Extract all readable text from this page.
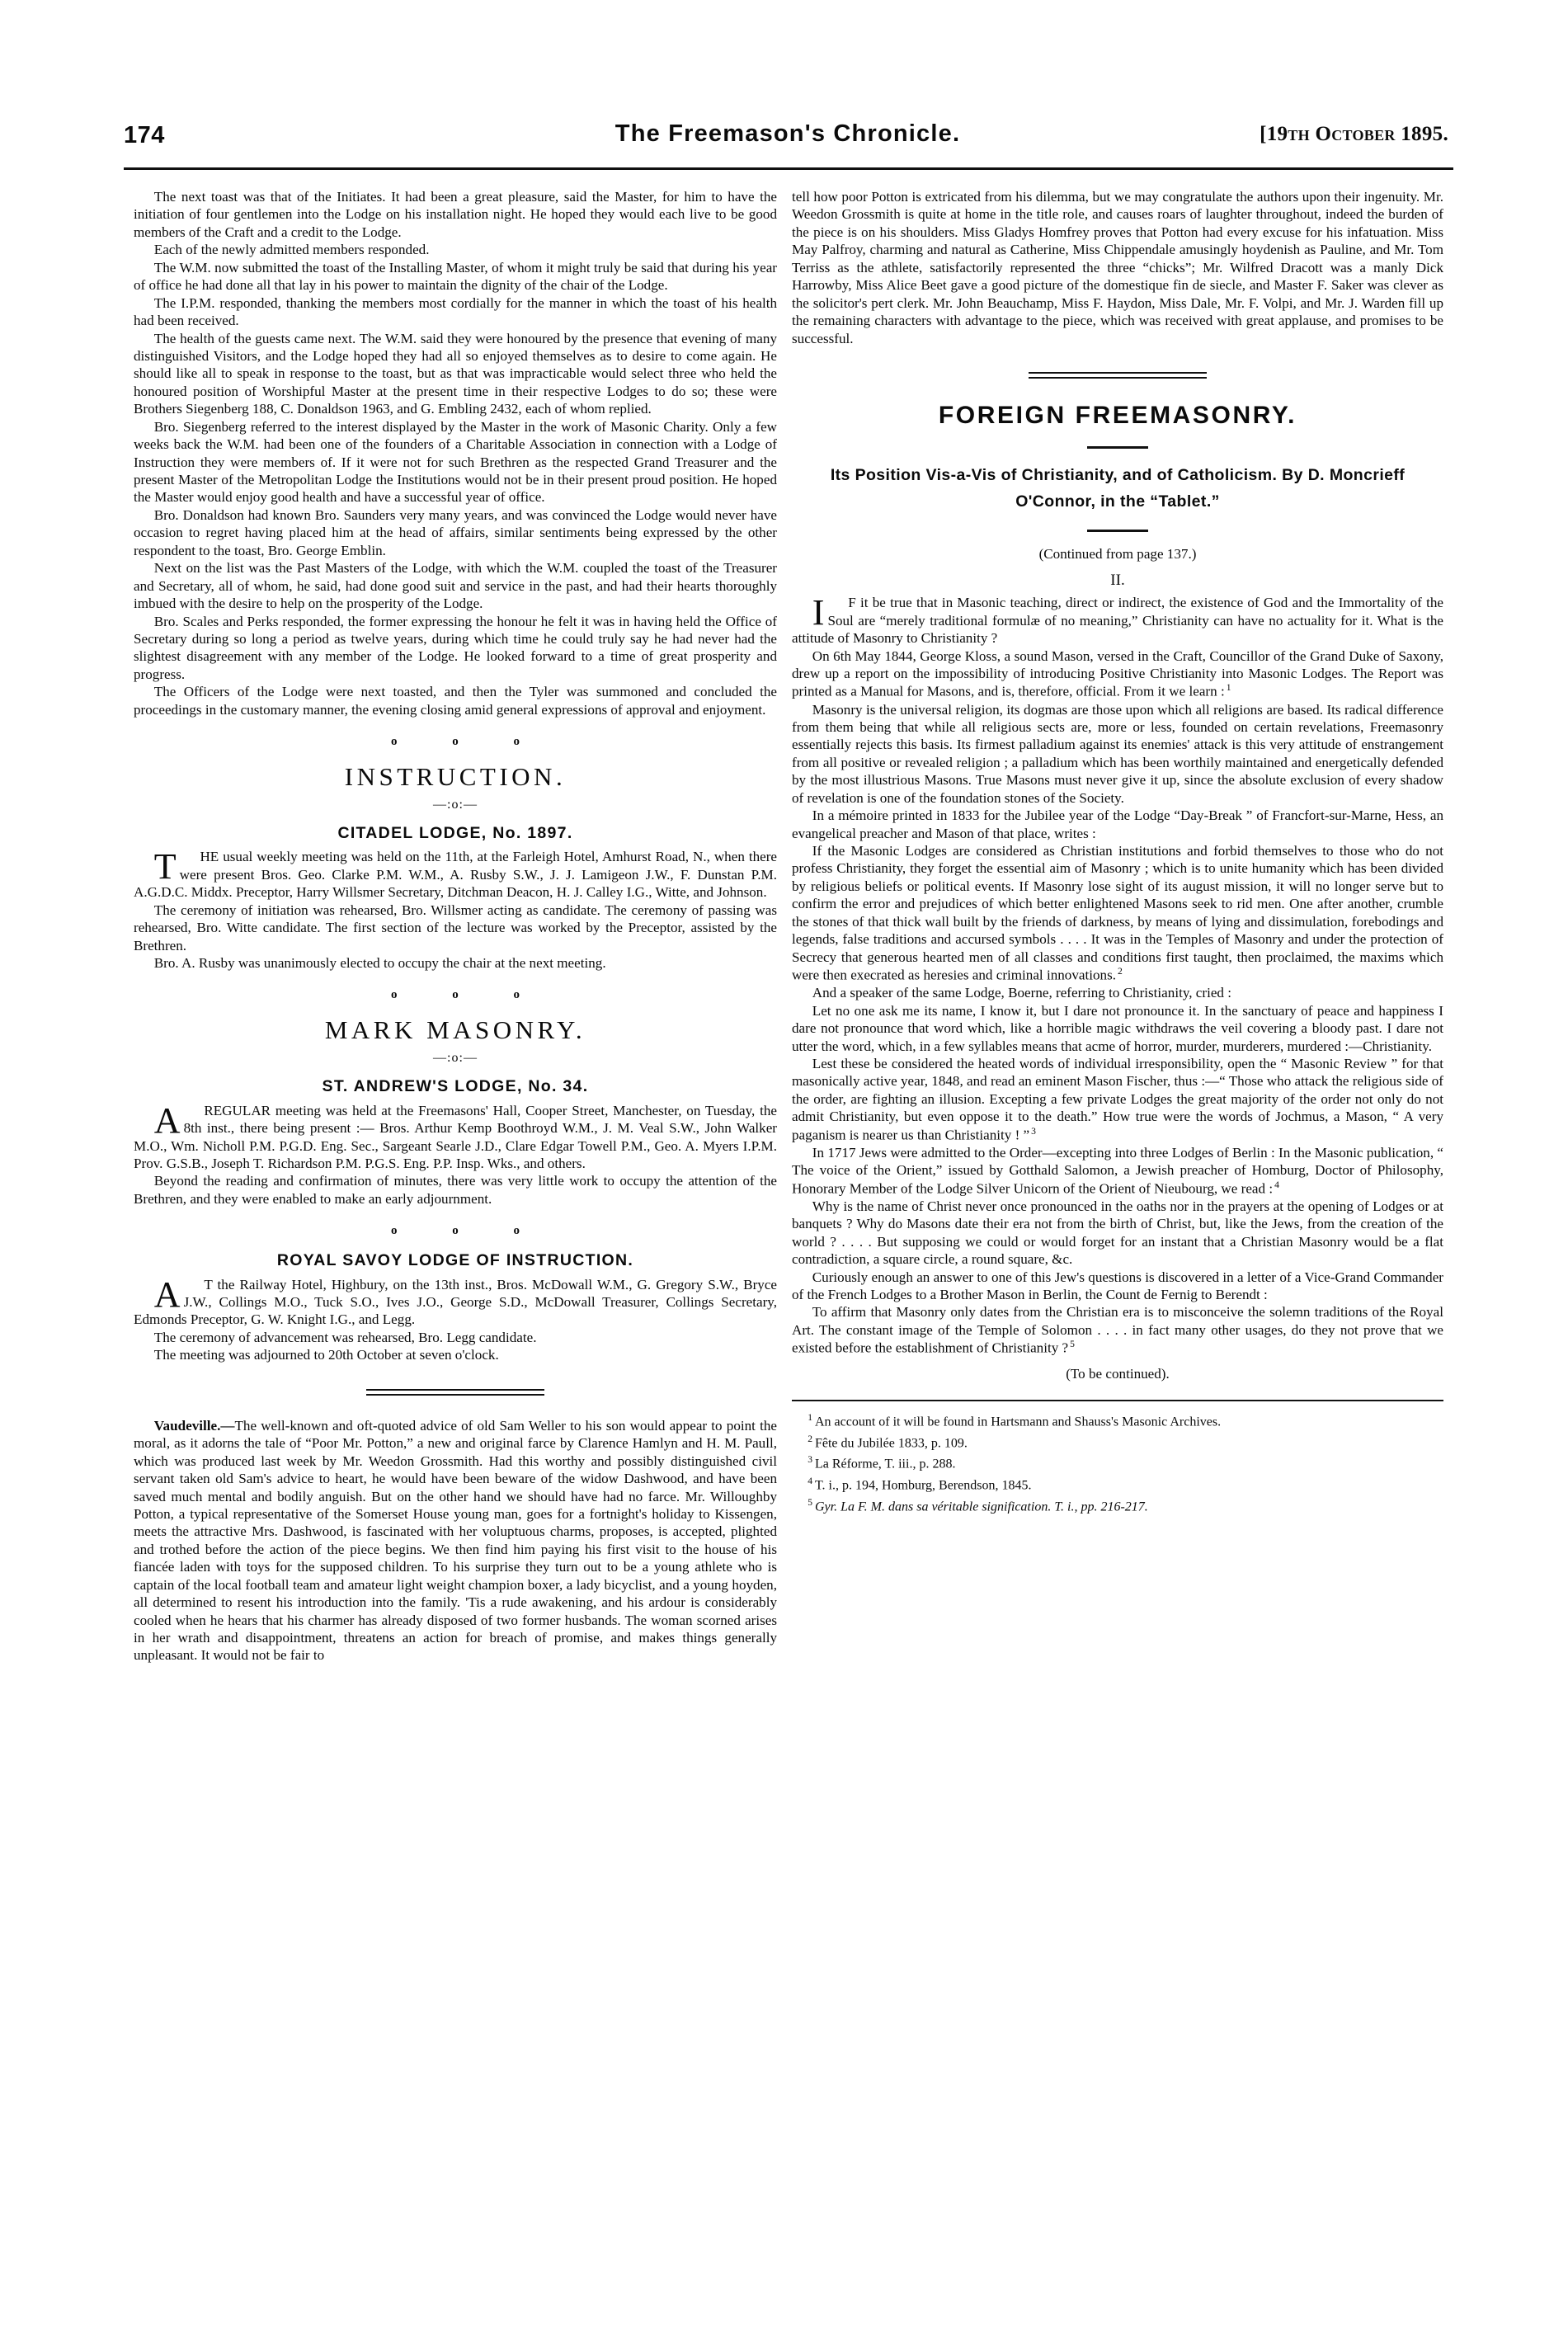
174	The Freemason's Chronicle.	[19th October 1895.

The next toast was that of the Initiates. It had been a great pleasure, said the Master, for him to have the initiation of four gentlemen into the Lodge on his installation night. He hoped they would each live to be good members of the Craft and a credit to the Lodge.

Each of the newly admitted members responded.

The W.M. now submitted the toast of the Installing Master, of whom it might truly be said that during his year of office he had done all that lay in his power to maintain the dignity of the chair of the Lodge.

The I.P.M. responded, thanking the members most cordially for the manner in which the toast of his health had been received.

The health of the guests came next. The W.M. said they were honoured by the presence that evening of many distinguished Visitors, and the Lodge hoped they had all so enjoyed themselves as to desire to come again. He should like all to speak in response to the toast, but as that was impracticable would select three who held the honoured position of Worshipful Master at the present time in their respective Lodges to do so; these were Brothers Siegenberg 188, C. Donaldson 1963, and G. Embling 2432, each of whom replied.

Bro. Siegenberg referred to the interest displayed by the Master in the work of Masonic Charity. Only a few weeks back the W.M. had been one of the founders of a Charitable Association in connection with a Lodge of Instruction they were members of. If it were not for such Brethren as the respected Grand Treasurer and the present Master of the Metropolitan Lodge the Institutions would not be in their present proud position. He hoped the Master would enjoy good health and have a successful year of office.

Bro. Donaldson had known Bro. Saunders very many years, and was convinced the Lodge would never have occasion to regret having placed him at the head of affairs, similar sentiments being expressed by the other respondent to the toast, Bro. George Emblin.

Next on the list was the Past Masters of the Lodge, with which the W.M. coupled the toast of the Treasurer and Secretary, all of whom, he said, had done good suit and service in the past, and had their hearts thoroughly imbued with the desire to help on the prosperity of the Lodge.

Bro. Scales and Perks responded, the former expressing the honour he felt it was in having held the Office of Secretary during so long a period as twelve years, during which time he could truly say he had never had the slightest disagreement with any member of the Lodge. He looked forward to a time of great prosperity and progress.

The Officers of the Lodge were next toasted, and then the Tyler was summoned and concluded the proceedings in the customary manner, the evening closing amid general expressions of approval and enjoyment.

o o o
INSTRUCTION.
—:o:—
CITADEL LODGE, No. 1897.

T HE usual weekly meeting was held on the 11th, at the Farleigh Hotel, Amhurst Road, N., when there were present Bros. Geo. Clarke P.M. W.M., A. Rusby S.W., J. J. Lamigeon J.W., F. Dunstan P.M. A.G.D.C. Middx. Preceptor, Harry Willsmer Secretary, Ditchman Deacon, H. J. Calley I.G., Witte, and Johnson.

The ceremony of initiation was rehearsed, Bro. Willsmer acting as candidate. The ceremony of passing was rehearsed, Bro. Witte candidate. The first section of the lecture was worked by the Preceptor, assisted by the Brethren.

Bro. A. Rusby was unanimously elected to occupy the chair at the next meeting.

o o o
MARK MASONRY.
—:o:—
ST. ANDREW'S LODGE, No. 34.

A REGULAR meeting was held at the Freemasons' Hall, Cooper Street, Manchester, on Tuesday, the 8th inst., there being present :— Bros. Arthur Kemp Boothroyd W.M., J. M. Veal S.W., John Walker M.O., Wm. Nicholl P.M. P.G.D. Eng. Sec., Sargeant Searle J.D., Clare Edgar Towell P.M., Geo. A. Myers I.P.M. Prov. G.S.B., Joseph T. Richardson P.M. P.G.S. Eng. P.P. Insp. Wks., and others.

Beyond the reading and confirmation of minutes, there was very little work to occupy the attention of the Brethren, and they were enabled to make an early adjournment.

o o o
ROYAL SAVOY LODGE OF INSTRUCTION.

A T the Railway Hotel, Highbury, on the 13th inst., Bros. McDowall W.M., G. Gregory S.W., Bryce J.W., Collings M.O., Tuck S.O., Ives J.O., George S.D., McDowall Treasurer, Collings Secretary, Edmonds Preceptor, G. W. Knight I.G., and Legg.

The ceremony of advancement was rehearsed, Bro. Legg candidate.

The meeting was adjourned to 20th October at seven o'clock.

Vaudeville.—The well-known and oft-quoted advice of old Sam Weller to his son would appear to point the moral, as it adorns the tale of “Poor Mr. Potton,” a new and original farce by Clarence Hamlyn and H. M. Paull, which was produced last week by Mr. Weedon Grossmith. Had this worthy and possibly distinguished civil servant taken old Sam's advice to heart, he would have been beware of the widow Dashwood, and have been saved much mental and bodily anguish. But on the other hand we should have had no farce. Mr. Willoughby Potton, a typical representative of the Somerset House young man, goes for a fortnight's holiday to Kissengen, meets the attractive Mrs. Dashwood, is fascinated with her voluptuous charms, proposes, is accepted, plighted and trothed before the action of the piece begins. We then find him paying his first visit to the house of his fiancée laden with toys for the supposed children. To his surprise they turn out to be a young athlete who is captain of the local football team and amateur light weight champion boxer, a lady bicyclist, and a young hoyden, all determined to resent his introduction into the family. 'Tis a rude awakening, and his ardour is considerably cooled when he hears that his charmer has already disposed of two former husbands. The woman scorned arises in her wrath and disappointment, threatens an action for breach of promise, and makes things generally unpleasant. It would not be fair to

tell how poor Potton is extricated from his dilemma, but we may congratulate the authors upon their ingenuity. Mr. Weedon Grossmith is quite at home in the title role, and causes roars of laughter throughout, indeed the burden of the piece is on his shoulders. Miss Gladys Homfrey proves that Potton had every excuse for his infatuation. Miss May Palfroy, charming and natural as Catherine, Miss Chippendale amusingly hoydenish as Pauline, and Mr. Tom Terriss as the athlete, satisfactorily represented the three “chicks”; Mr. Wilfred Dracott was a manly Dick Harrowby, Miss Alice Beet gave a good picture of the domestique fin de siecle, and Master F. Saker was clever as the solicitor's pert clerk. Mr. John Beauchamp, Miss F. Haydon, Miss Dale, Mr. F. Volpi, and Mr. J. Warden fill up the remaining characters with advantage to the piece, which was received with great applause, and promises to be successful.

FOREIGN FREEMASONRY.
Its Position Vis-a-Vis of Christianity, and of Catholicism. By D. Moncrieff O'Connor, in the “Tablet.”
(Continued from page 137.)
II.

I F it be true that in Masonic teaching, direct or indirect, the existence of God and the Immortality of the Soul are “merely traditional formulæ of no meaning,” Christianity can have no actuality for it. What is the attitude of Masonry to Christianity ?

On 6th May 1844, George Kloss, a sound Mason, versed in the Craft, Councillor of the Grand Duke of Saxony, drew up a report on the impossibility of introducing Positive Christianity into Masonic Lodges. The Report was printed as a Manual for Masons, and is, therefore, official. From it we learn : $^1$

Masonry is the universal religion, its dogmas are those upon which all religions are based. Its radical difference from them being that while all religious sects are, more or less, founded on certain revelations, Freemasonry essentially rejects this basis. Its firmest palladium against its enemies' attack is this very attitude of enstrangement from all positive or revealed religion ; a palladium which has been worthily maintained and energetically defended by the most illustrious Masons. True Masons must never give it up, since the absolute exclusion of every shadow of revelation is one of the foundation stones of the Society.

In a mémoire printed in 1833 for the Jubilee year of the Lodge “Day-Break ” of Francfort-sur-Marne, Hess, an evangelical preacher and Mason of that place, writes :

If the Masonic Lodges are considered as Christian institutions and forbid themselves to those who do not profess Christianity, they forget the essential aim of Masonry ; which is to unite humanity which has been divided by religious beliefs or political events. If Masonry lose sight of its august mission, it will no longer serve but to confirm the error and prejudices of which better enlightened Masons seek to rid men. One after another, crumble the stones of that thick wall built by the friends of darkness, by means of lying and dissimulation, forebodings and legends, false traditions and accursed symbols . . . . It was in the Temples of Masonry and under the protection of Secrecy that generous hearted men of all classes and conditions first taught, then proclaimed, the maxims which were then execrated as heresies and criminal innovations. $^2$

And a speaker of the same Lodge, Boerne, referring to Christianity, cried :

Let no one ask me its name, I know it, but I dare not pronounce it. In the sanctuary of peace and happiness I dare not pronounce that word which, like a horrible magic withdraws the veil covering a bloody past. I dare not utter the word, which, in a few syllables means that acme of horror, murder, murderers, murdered :—Christianity.

Lest these be considered the heated words of individual irresponsibility, open the “ Masonic Review ” for that masonically active year, 1848, and read an eminent Mason Fischer, thus :—“ Those who attack the religious side of the order, are fighting an illusion. Excepting a few private Lodges the great majority of the order not only do not admit Christianity, but even oppose it to the death.” How true were the words of Jochmus, a Mason, “ A very paganism is nearer us than Christianity ! ” $^3$

In 1717 Jews were admitted to the Order—excepting into three Lodges of Berlin : In the Masonic publication, “ The voice of the Orient,” issued by Gotthald Salomon, a Jewish preacher of Homburg, Doctor of Philosophy, Honorary Member of the Lodge Silver Unicorn of the Orient of Nieubourg, we read : $^4$

Why is the name of Christ never once pronounced in the oaths nor in the prayers at the opening of Lodges or at banquets ? Why do Masons date their era not from the birth of Christ, but, like the Jews, from the creation of the world ? . . . . But supposing we could or would forget for an instant that a Christian Masonry would be a flat contradiction, a square circle, a round square, &c.

Curiously enough an answer to one of this Jew's questions is discovered in a letter of a Vice-Grand Commander of the French Lodges to a Brother Mason in Berlin, the Count de Fernig to Berendt :

To affirm that Masonry only dates from the Christian era is to misconceive the solemn traditions of the Royal Art. The constant image of the Temple of Solomon . . . . in fact many other usages, do they not prove that we existed before the establishment of Christianity ? $^5$

(To be continued).

$^1$ An account of it will be found in Hartsmann and Shauss's Masonic Archives.

$^2$ Fête du Jubilée 1833, p. 109.

$^3$ La Réforme, T. iii., p. 288.

$^4$ T. i., p. 194, Homburg, Berendson, 1845.

$^5$ Gyr. La F. M. dans sa véritable signification. T. i., pp. 216-217.
